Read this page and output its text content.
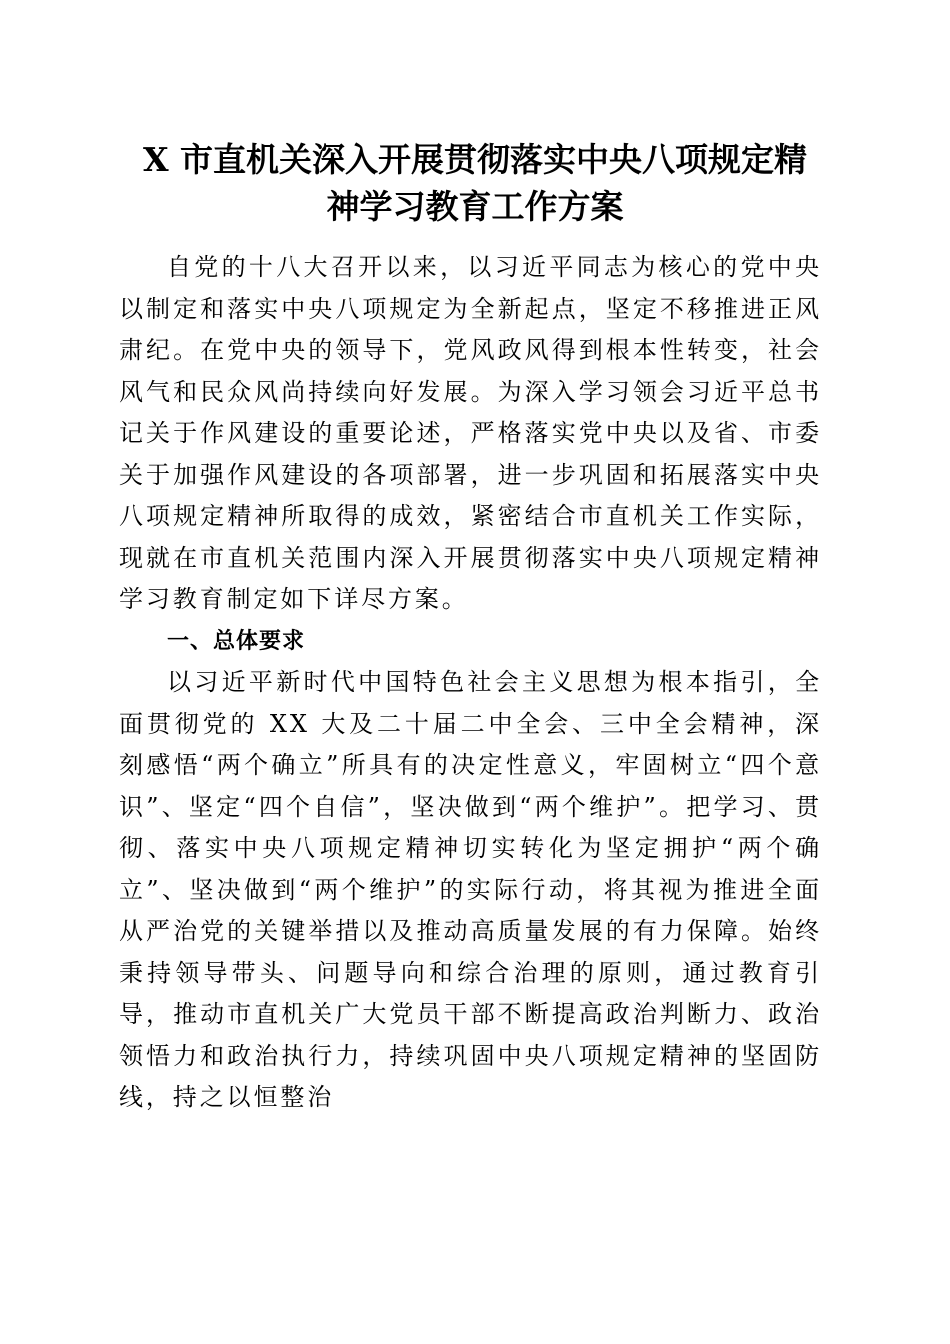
X 市直机关深入开展贯彻落实中央八项规定精
神学习教育工作方案

自党的十八大召开以来，以习近平同志为核心的党中央以制定和落实中央八项规定为全新起点，坚定不移推进正风肃纪。在党中央的领导下，党风政风得到根本性转变，社会风气和民众风尚持续向好发展。为深入学习领会习近平总书记关于作风建设的重要论述，严格落实党中央以及省、市委关于加强作风建设的各项部署，进一步巩固和拓展落实中央八项规定精神所取得的成效，紧密结合市直机关工作实际，现就在市直机关范围内深入开展贯彻落实中央八项规定精神学习教育制定如下详尽方案。

一、总体要求

以习近平新时代中国特色社会主义思想为根本指引，全面贯彻党的 XX 大及二十届二中全会、三中全会精神，深刻感悟“两个确立”所具有的决定性意义，牢固树立“四个意识”、坚定“四个自信”，坚决做到“两个维护”。把学习、贯彻、落实中央八项规定精神切实转化为坚定拥护“两个确立”、坚决做到“两个维护”的实际行动，将其视为推进全面从严治党的关键举措以及推动高质量发展的有力保障。始终秉持领导带头、问题导向和综合治理的原则，通过教育引导，推动市直机关广大党员干部不断提高政治判断力、政治领悟力和政治执行力，持续巩固中央八项规定精神的坚固防线，持之以恒整治
